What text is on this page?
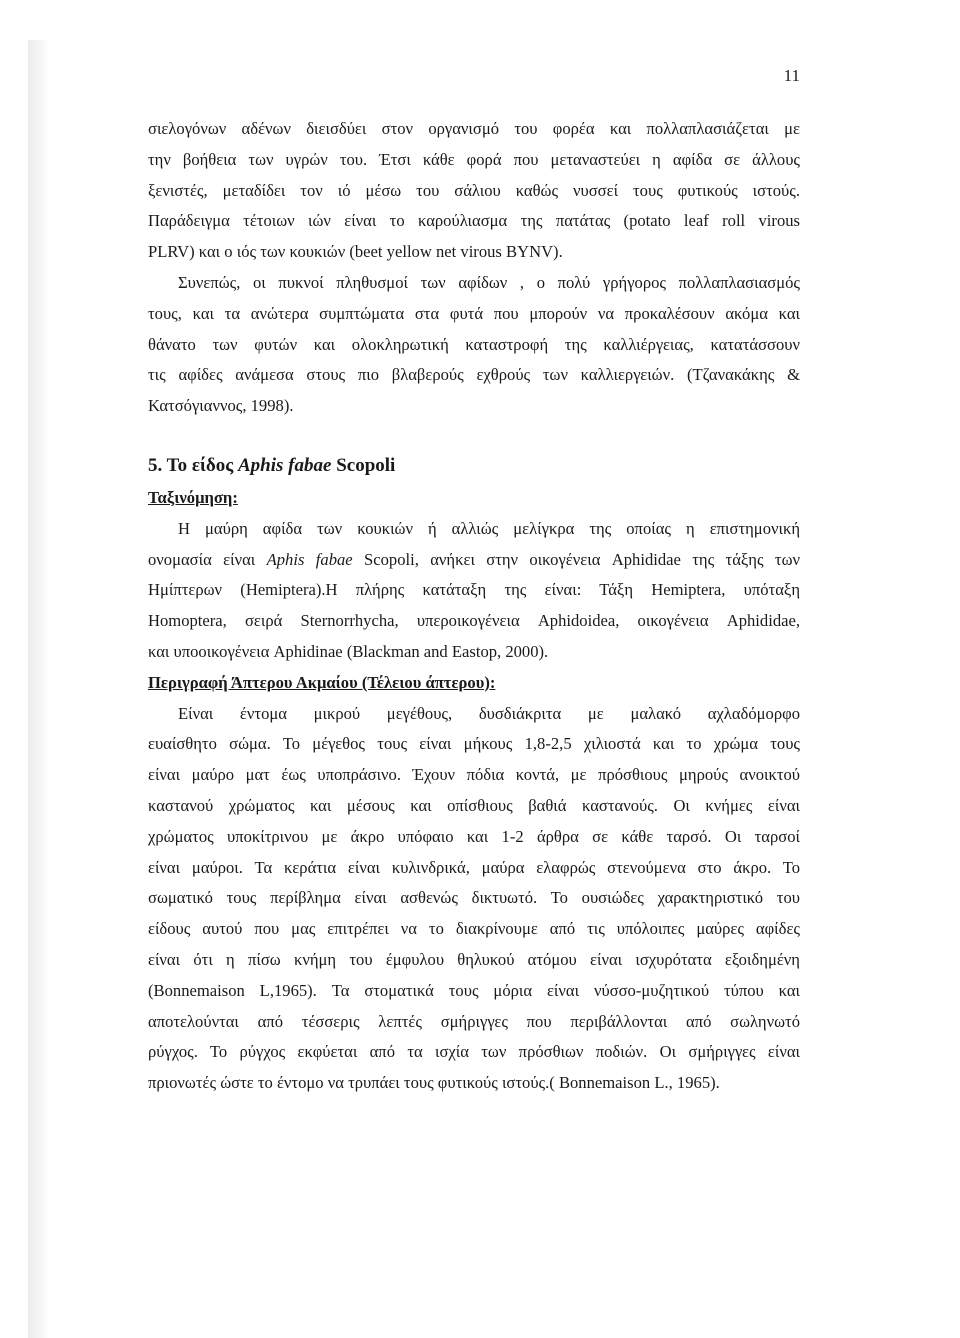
11
σιελογόνων αδένων διεισδύει στον οργανισμό του φορέα και πολλαπλασιάζεται με
την βοήθεια των υγρών του. Έτσι κάθε φορά που μεταναστεύει η αφίδα σε άλλους
ξενιστές, μεταδίδει τον ιό μέσω του σάλιου καθώς νυσσεί τους φυτικούς ιστούς.
Παράδειγμα τέτοιων ιών είναι το καρούλιασμα της πατάτας (potato leaf roll virous
PLRV) και ο ιός των κουκιών (beet yellow net virous BYNV).
Συνεπώς, οι πυκνοί πληθυσμοί των αφίδων , ο πολύ γρήγορος πολλαπλασιασμός
τους, και τα ανώτερα συμπτώματα στα φυτά που μπορούν να προκαλέσουν ακόμα και
θάνατο των φυτών και ολοκληρωτική καταστροφή της καλλιέργειας, κατατάσσουν
τις αφίδες ανάμεσα στους πιο βλαβερούς εχθρούς των καλλιεργειών. (Τζανακάκης &
Κατσόγιαννος, 1998).
5. Το είδος Aphis fabae Scopoli
Ταξινόμηση:
Η μαύρη αφίδα των κουκιών ή αλλιώς μελίγκρα της οποίας η επιστημονική
ονομασία είναι Aphis fabae Scopoli, ανήκει στην οικογένεια Aphididae της τάξης των
Ημίπτερων (Hemiptera).Η πλήρης κατάταξη της είναι: Τάξη Hemiptera, υπόταξη
Homoptera, σειρά Sternorrhycha, υπεροικογένεια Aphidoidea, οικογένεια Aphididae,
και υποοικογένεια Aphidinae (Blackman and Eastop, 2000).
Περιγραφή Άπτερου Ακμαίου (Τέλειου άπτερου):
Είναι έντομα μικρού μεγέθους, δυσδιάκριτα με μαλακό αχλαδόμορφο
ευαίσθητο σώμα. Το μέγεθος τους είναι μήκους 1,8-2,5 χιλιοστά και το χρώμα τους
είναι μαύρο ματ έως υποπράσινο. Έχουν πόδια κοντά, με πρόσθιους μηρούς ανοικτού
καστανού χρώματος και μέσους και οπίσθιους βαθιά καστανούς. Οι κνήμες είναι
χρώματος υποκίτρινου με άκρο υπόφαιο και 1-2 άρθρα σε κάθε ταρσό. Οι ταρσοί
είναι μαύροι. Τα κεράτια είναι κυλινδρικά, μαύρα ελαφρώς στενούμενα στο άκρο. Το
σωματικό τους περίβλημα είναι ασθενώς δικτυωτό. Το ουσιώδες χαρακτηριστικό του
είδους αυτού που μας επιτρέπει να το διακρίνουμε από τις υπόλοιπες μαύρες αφίδες
είναι ότι η πίσω κνήμη του έμφυλου θηλυκού ατόμου είναι ισχυρότατα εξοιδημένη
(Bonnemaison L,1965). Τα στοματικά τους μόρια είναι νύσσο-μυζητικού τύπου και
αποτελούνται από τέσσερις λεπτές σμήριγγες που περιβάλλονται από σωληνωτό
ρύγχος. Το ρύγχος εκφύεται από τα ισχία των πρόσθιων ποδιών. Οι σμήριγγες είναι
πριονωτές ώστε το έντομο να τρυπάει τους φυτικούς ιστούς.( Bonnemaison L., 1965).
